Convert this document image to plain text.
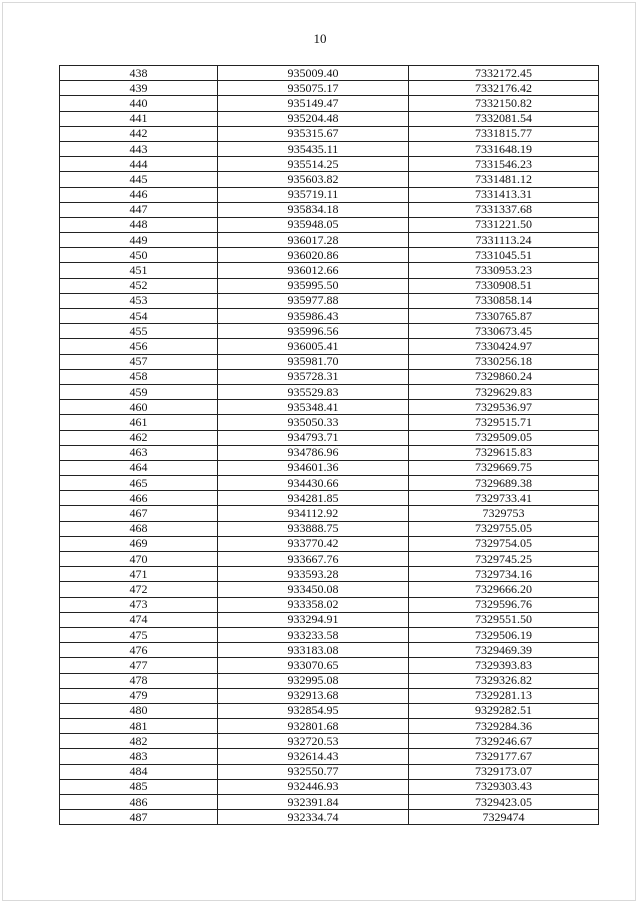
10
438	935009.40	7332172.45
439	935075.17	7332176.42
440	935149.47	7332150.82
441	935204.48	7332081.54
442	935315.67	7331815.77
443	935435.11	7331648.19
444	935514.25	7331546.23
445	935603.82	7331481.12
446	935719.11	7331413.31
447	935834.18	7331337.68
448	935948.05	7331221.50
449	936017.28	7331113.24
450	936020.86	7331045.51
451	936012.66	7330953.23
452	935995.50	7330908.51
453	935977.88	7330858.14
454	935986.43	7330765.87
455	935996.56	7330673.45
456	936005.41	7330424.97
457	935981.70	7330256.18
458	935728.31	7329860.24
459	935529.83	7329629.83
460	935348.41	7329536.97
461	935050.33	7329515.71
462	934793.71	7329509.05
463	934786.96	7329615.83
464	934601.36	7329669.75
465	934430.66	7329689.38
466	934281.85	7329733.41
467	934112.92	7329753
468	933888.75	7329755.05
469	933770.42	7329754.05
470	933667.76	7329745.25
471	933593.28	7329734.16
472	933450.08	7329666.20
473	933358.02	7329596.76
474	933294.91	7329551.50
475	933233.58	7329506.19
476	933183.08	7329469.39
477	933070.65	7329393.83
478	932995.08	7329326.82
479	932913.68	7329281.13
480	932854.95	9329282.51
481	932801.68	7329284.36
482	932720.53	7329246.67
483	932614.43	7329177.67
484	932550.77	7329173.07
485	932446.93	7329303.43
486	932391.84	7329423.05
487	932334.74	7329474
